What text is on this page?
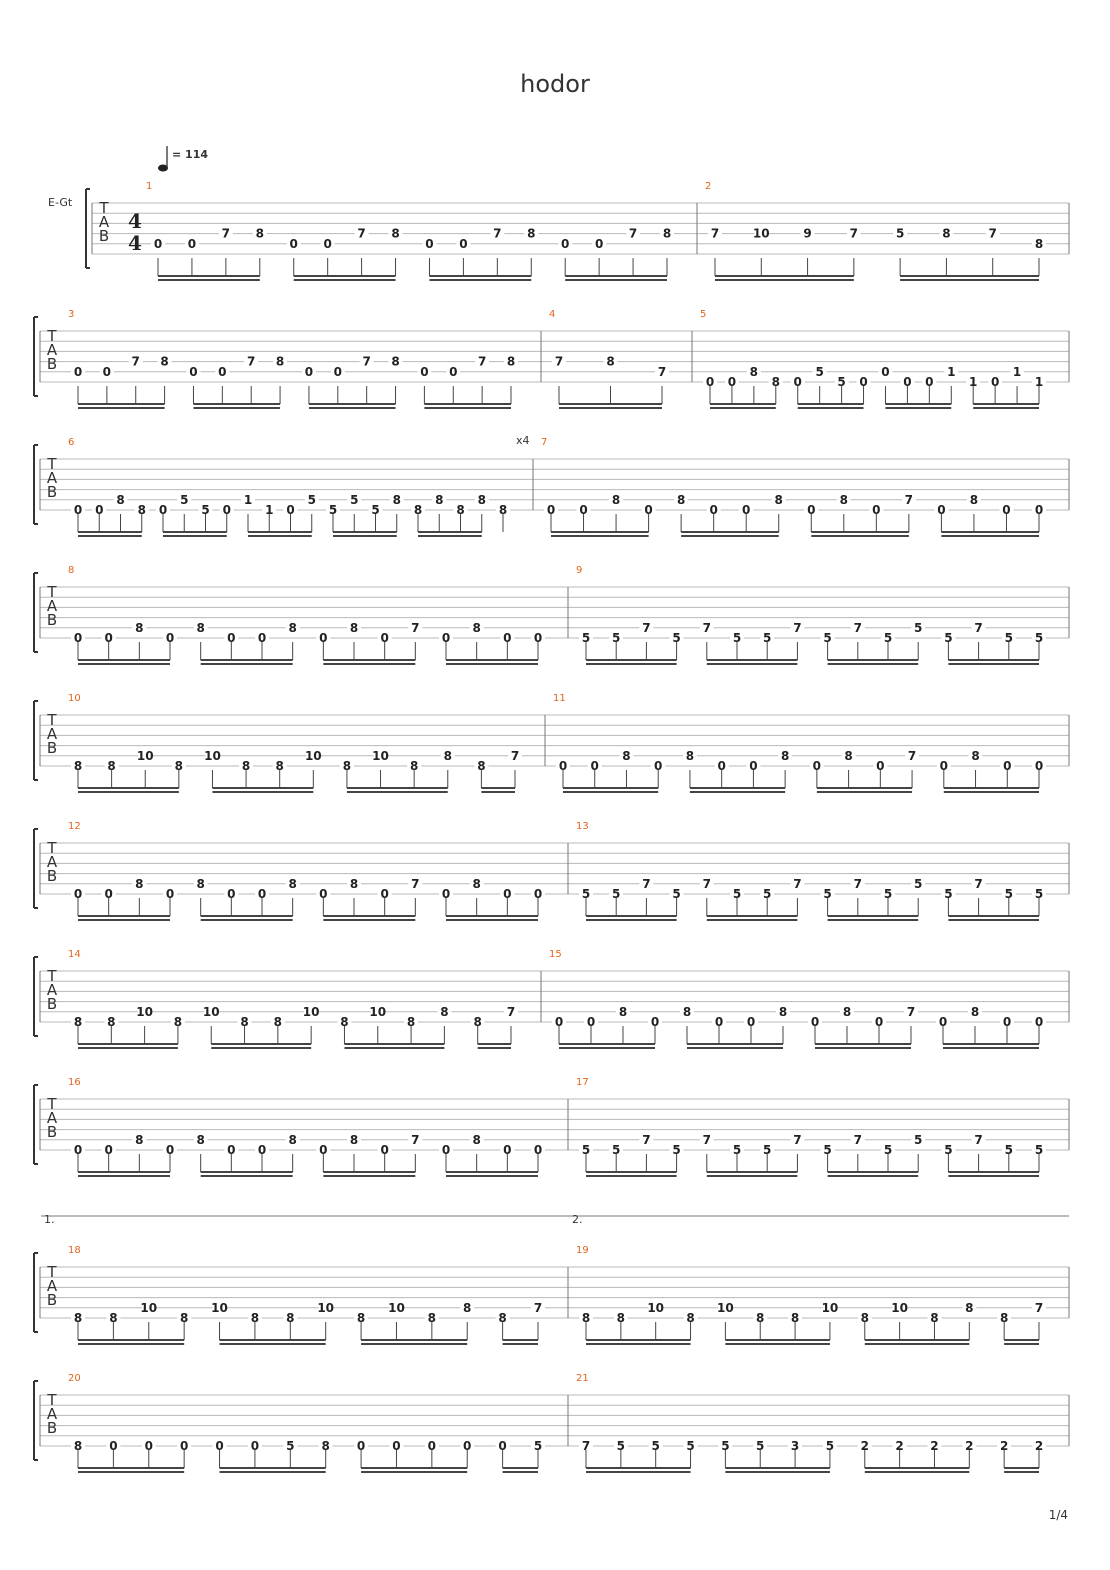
hodor
T
A
B
1
0 0
7 8
0 0
7 8
0 0
7 8
0 0
7 8
2
7	10	9	7	5	8	7
8
T
A
B
3
0 0
7 8
0 0
7 8
0 0
7 8
0 0
7 8
4
7	8
7
5
0 0
8
8 0
5
5 0
0
0 0
1
1 0
1
1
T
A
B
6
0 0
8
8 0
5
5 0
1
1 0
5
5
5
5
8
8
8
8
8
8
7
0 0
8
0
8
0 0
8
0
8
0
7
0
8
0 0
T
A
B
8
0 0
8
0
8
0 0
8
0
8
0
7
0
8
0 0
9
5 5
7
5
7
5 5
7
5
7
5
5
5
7
5 5
T
A
B
10
8 8
10
8
10
8 8
10
8
10
8
8
8
7
11
0 0
8
0
8
0 0
8
0
8
0
7
0
8
0 0
T
A
B
12
0 0
8
0
8
0 0
8
0
8
0
7
0
8
0 0
13
5 5
7
5
7
5 5
7
5
7
5
5
5
7
5 5
T
A
B
14
8 8
10
8
10
8 8
10
8
10
8
8
8
7
15
0 0
8
0
8
0 0
8
0
8
0
7
0
8
0 0
T
A
B
16
0 0
8
0
8
0 0
8
0
8
0
7
0
8
0 0
17
5 5
7
5
7
5 5
7
5
7
5
5
5
7
5 5
T
A
B
18
8 8
10
8
10
8 8
10
8
10
8
8
8
7
19
8 8
10
8
10
8 8
10
8
10
8
8
8
7
T
A
B
20
8 0 0 0 0 0 5 8 0 0 0 0 0 5
21
7 5 5 5 5 5 3 5 2 2 2 2 2 2
E-Gt
= 114
4
4
x4
1.	2.
1/4
